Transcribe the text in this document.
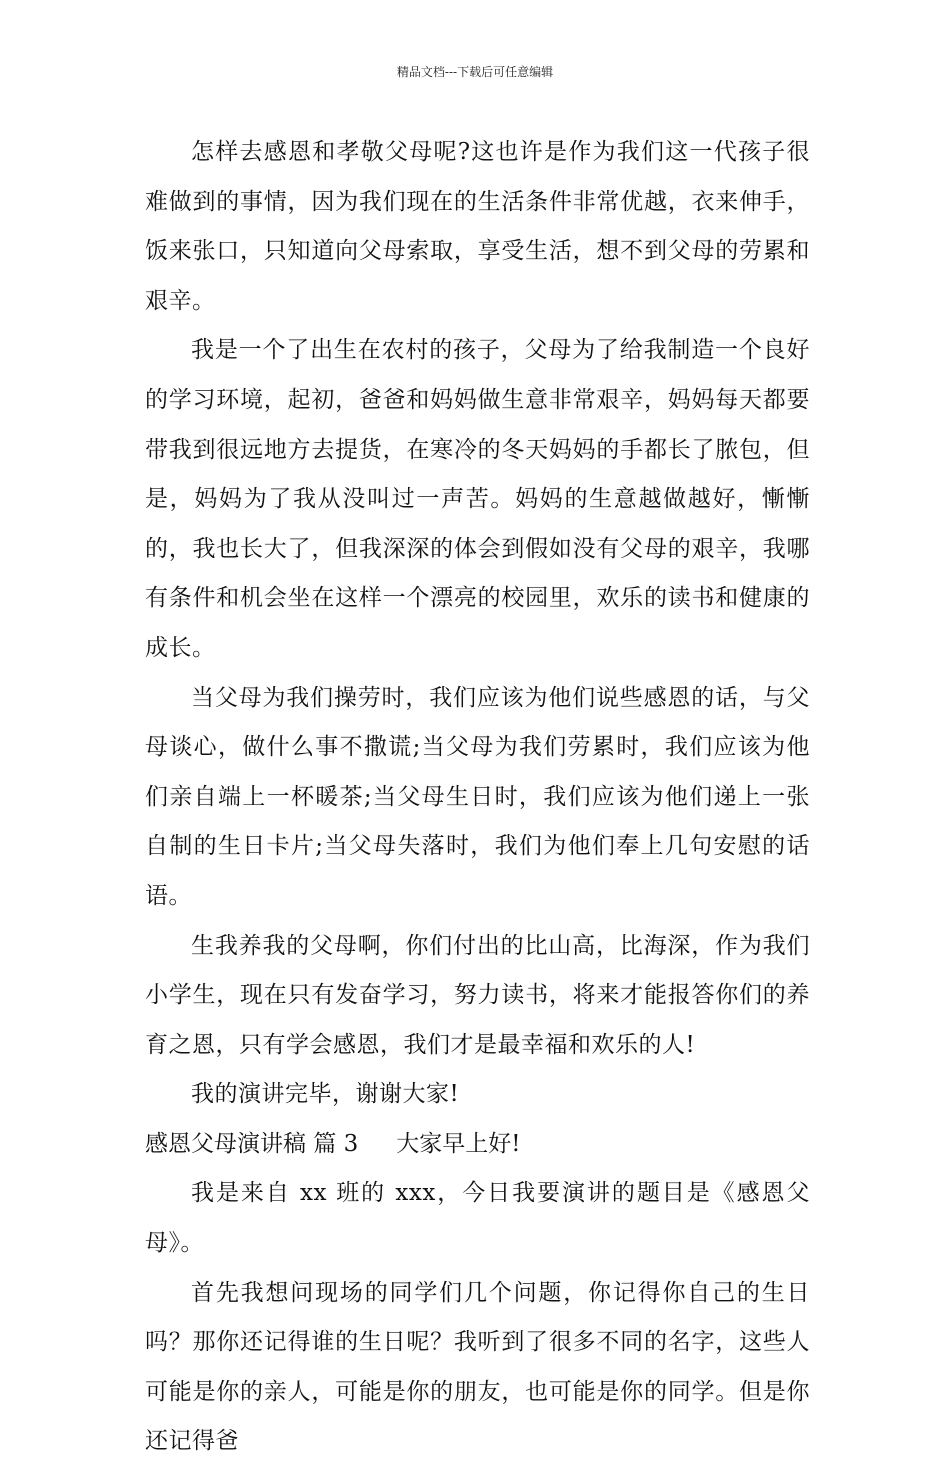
精品文档---下载后可任意编辑

怎样去感恩和孝敬父母呢?这也许是作为我们这一代孩子很难做到的事情，因为我们现在的生活条件非常优越，衣来伸手，饭来张口，只知道向父母索取，享受生活，想不到父母的劳累和艰辛。

我是一个了出生在农村的孩子，父母为了给我制造一个良好的学习环境，起初，爸爸和妈妈做生意非常艰辛，妈妈每天都要带我到很远地方去提货，在寒冷的冬天妈妈的手都长了脓包，但是，妈妈为了我从没叫过一声苦。妈妈的生意越做越好，慚慚的，我也长大了，但我深深的体会到假如没有父母的艰辛，我哪有条件和机会坐在这样一个漂亮的校园里，欢乐的读书和健康的成长。

当父母为我们操劳时，我们应该为他们说些感恩的话，与父母谈心，做什么事不撒谎;当父母为我们劳累时，我们应该为他们亲自端上一杯暖茶;当父母生日时，我们应该为他们递上一张自制的生日卡片;当父母失落时，我们为他们奉上几句安慰的话语。

生我养我的父母啊，你们付出的比山高，比海深，作为我们小学生，现在只有发奋学习，努力读书，将来才能报答你们的养育之恩，只有学会感恩，我们才是最幸福和欢乐的人!

我的演讲完毕，谢谢大家!

感恩父母演讲稿 篇 3 大家早上好!

我是来自 xx 班的 xxx，今日我要演讲的题目是《感恩父母》。

首先我想问现场的同学们几个问题，你记得你自己的生日吗？那你还记得谁的生日呢？我听到了很多不同的名字，这些人可能是你的亲人，可能是你的朋友，也可能是你的同学。但是你还记得爸
